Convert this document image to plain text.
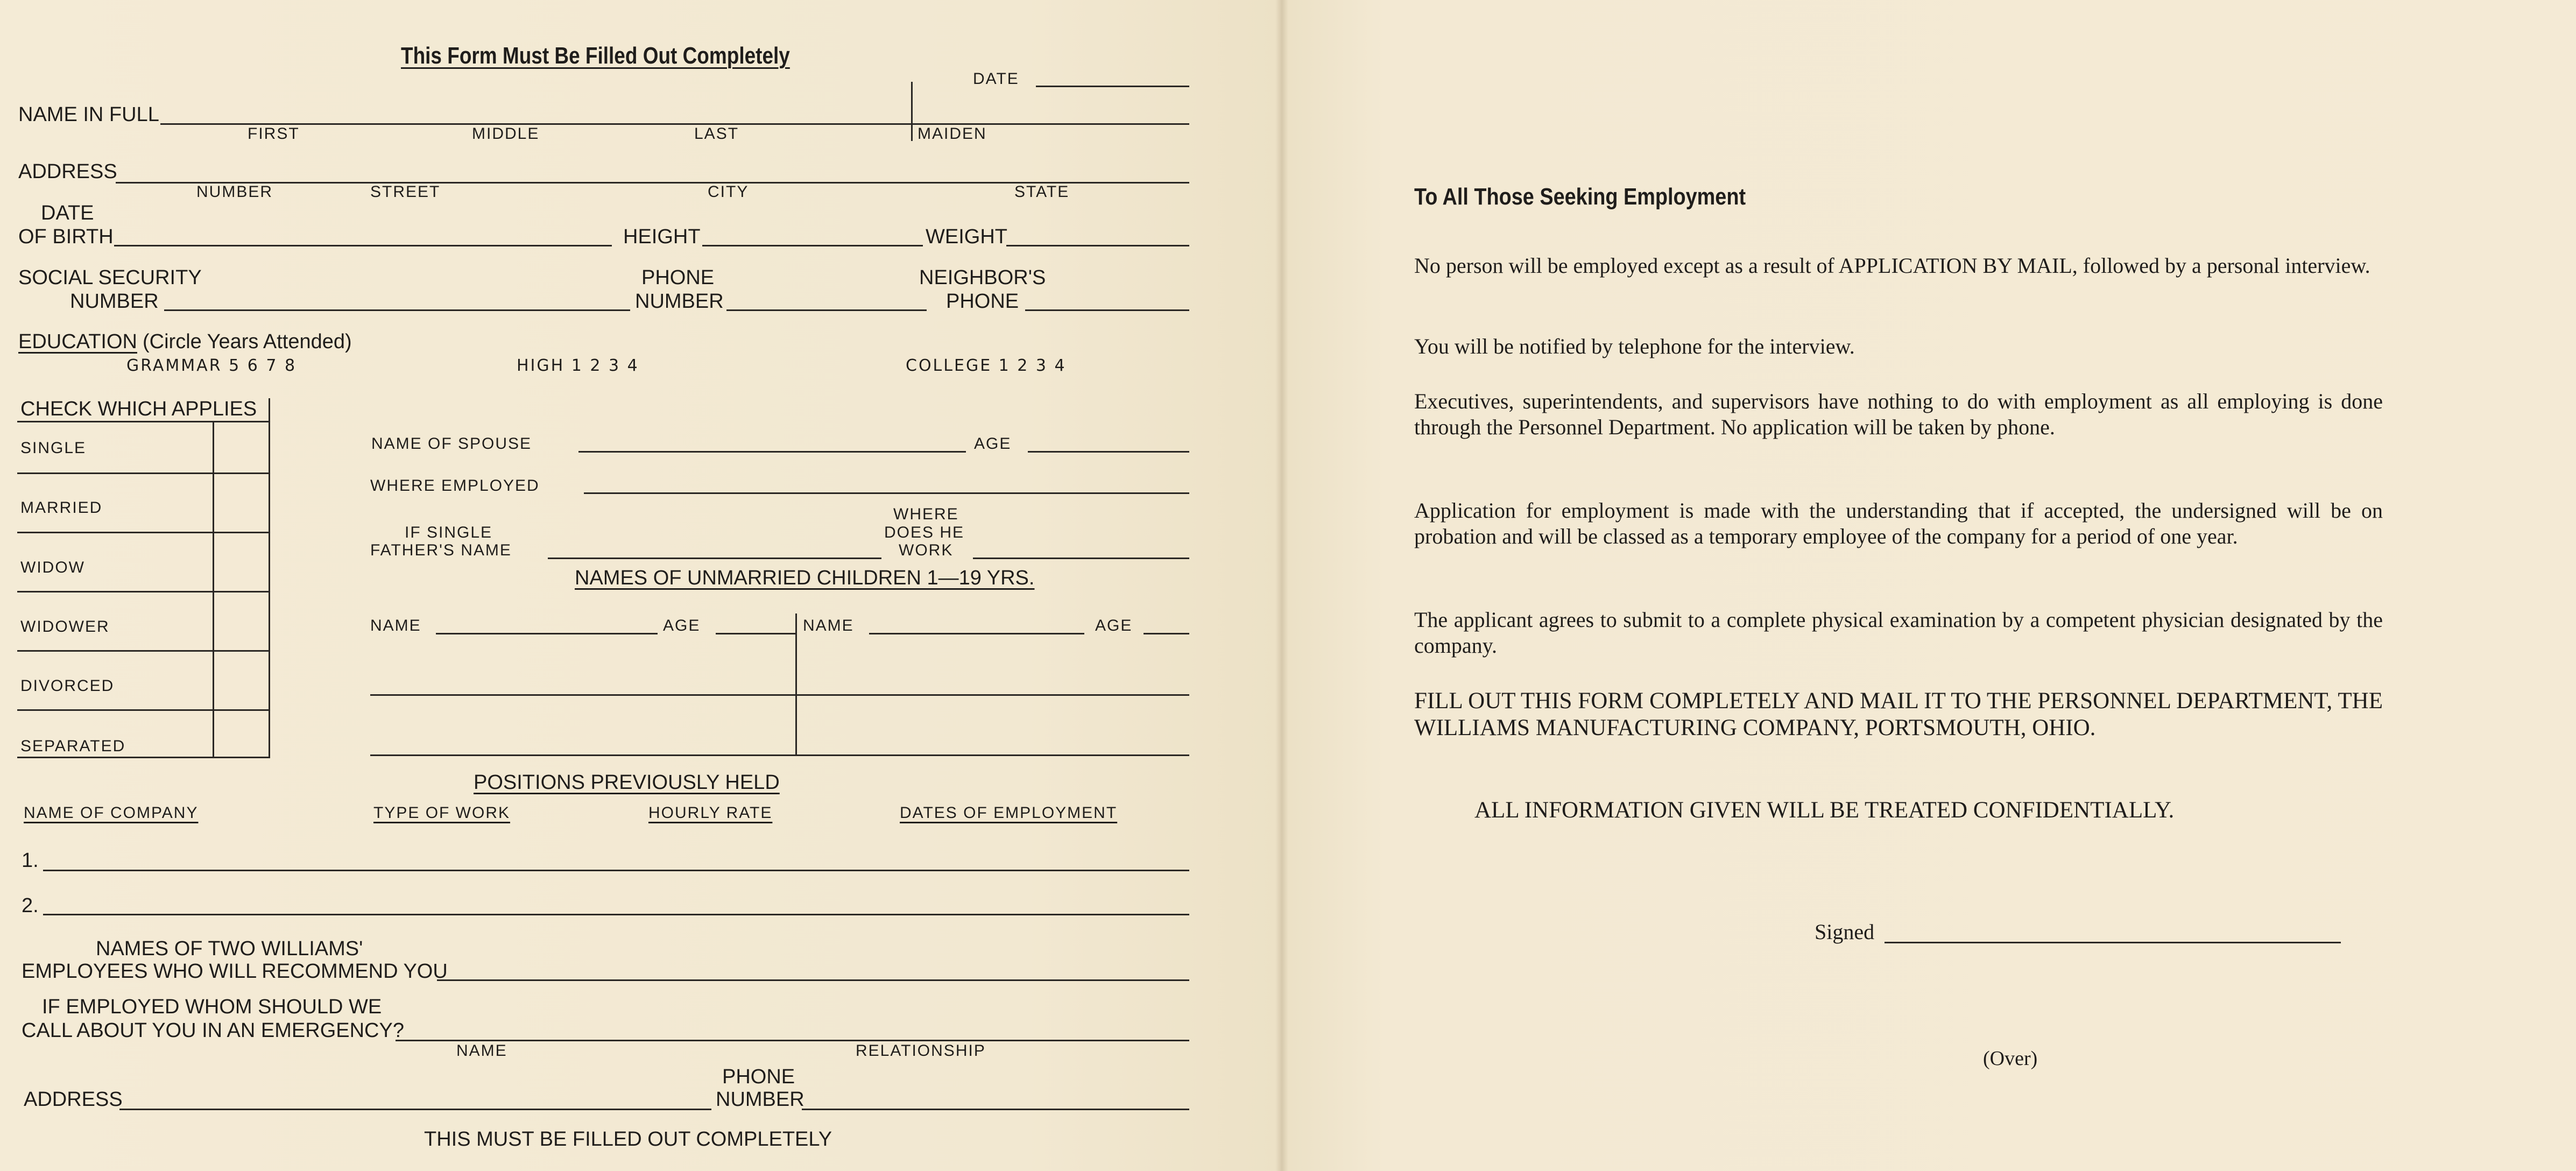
This Form Must Be Filled Out Completely
DATE
NAME IN FULL
FIRST	MIDDLE	LAST	MAIDEN
ADDRESS
NUMBER	STREET	CITY	STATE
DATE
OF BIRTH	HEIGHT	WEIGHT
SOCIAL SECURITY
NUMBER
PHONE
NUMBER
NEIGHBOR'S
PHONE
EDUCATION (Circle Years Attended)
GRAMMAR 5 6 7 8	HIGH 1 2 3 4	COLLEGE 1 2 3 4
CHECK WHICH APPLIES
SINGLE
MARRIED
WIDOW
WIDOWER
DIVORCED
SEPARATED
NAME OF SPOUSE	AGE
WHERE EMPLOYED
IF SINGLE
FATHER'S NAME
WHERE
DOES HE
WORK
NAMES OF UNMARRIED CHILDREN 1—19 YRS.
NAME	AGE	NAME	AGE
POSITIONS PREVIOUSLY HELD
NAME OF COMPANY	TYPE OF WORK	HOURLY RATE	DATES OF EMPLOYMENT
1.
2.
NAMES OF TWO WILLIAMS'
EMPLOYEES WHO WILL RECOMMEND YOU
IF EMPLOYED WHOM SHOULD WE
CALL ABOUT YOU IN AN EMERGENCY?
NAME	RELATIONSHIP
ADDRESS
PHONE
NUMBER
THIS MUST BE FILLED OUT COMPLETELY
To All Those Seeking Employment
No person will be employed except as a result of APPLICATION BY MAIL, followed by a personal interview.
You will be notified by telephone for the interview.
Executives, superintendents, and supervisors have nothing to do with employment as all employing is done through the Personnel Department. No application will be taken by phone.
Application for employment is made with the understanding that if accepted, the undersigned will be on probation and will be classed as a temporary employee of the company for a period of one year.
The applicant agrees to submit to a complete physical examination by a competent physician designated by the company.
FILL OUT THIS FORM COMPLETELY AND MAIL IT TO THE PERSONNEL DEPARTMENT, THE WILLIAMS MANUFACTURING COMPANY, PORTSMOUTH, OHIO.
ALL INFORMATION GIVEN WILL BE TREATED CONFIDENTIALLY.
Signed
(Over)
